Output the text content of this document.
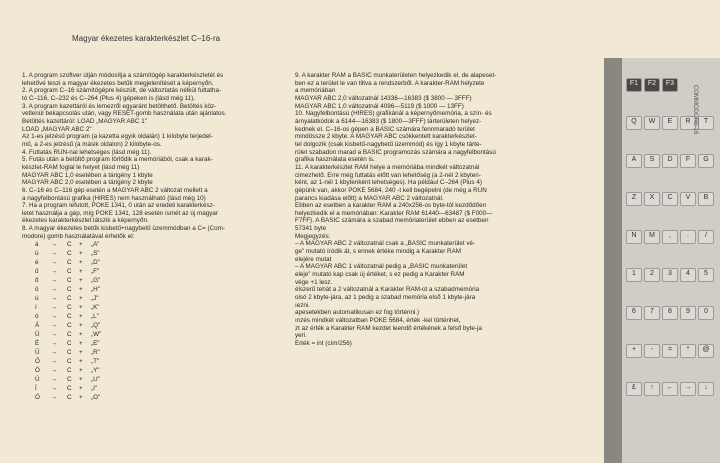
Magyar ékezetes karakterkészlet C–16-ra
1. A program szoftver útján módosítja a számítógép karakterkészletét és
lehetővé teszi a magyar ékezetes betűk megjelenítését a képernyőn.
2. A program C–16 számítógépre készült, de változtatás nélkül futtatha-
tó C–116, C–232 és C–264 (Plus 4) gépeken is (lásd még 11).
3. A program kazettáról és lemezről egyaránt betölthető. Betöltés köz-
vetlenül bekapcsolás után, vagy RESET-gomb használata után ajánlatos.
Betöltés kazettáról: LOAD „MAGYAR ABC 1"
LOAD „MAGYAR ABC 2"
Az 1-es jelzésű program (a kazetta egyik oldalán) 1 kilobyte terjedel-
mű, a 2-es jelzésű (a másik oldalon) 2 kilobyte-os.
4. Futtatás RUN-nal lehetséges (lásd még 11).
5. Futás után a betöltő program törlődik a memóriából, csak a karak-
készlet-RAM foglal le helyet (lásd még 11)
MAGYAR ABC 1,0 esetében a tárigény 1 kbyte
MAGYAR ABC 2,0 esetében a tárigény 2 kbyte
6. C–16 és C–116 gép esetén a MAGYAR ABC 2 változat mellett a
a nagyfelbontású grafika (HIRES) nem használható (lásd még 10)
7. Ha a program lefutott, POKE 1341, 0 után az eredeti karakterkész-
letet használja a gép, míg POKE 1341, 128 esetén ismét az új magyar
ékezetes karakterkészlet látszik a képernyőn.
8. A magyar ékezetes betűk kisbetű+nagybetű üzemmódban a C= (Com-
modore) gomb használatával érhetők el:
á → C + „A"
ü → C + „S"
é → C + „D"
ű → C + „F"
ő → C + „G"
ö → C + „H"
ú → C + „J"
í → C + „K"
ó → C + „L"
Á → C + „Q"
Ü → C + „W"
É → C + „E"
Ű → C + „R"
Ő → C + „T"
Ö → C + „Y"
Ú → C + „U"
Í → C + „I"
Ó → C + „O"
9. A karakter RAM a BASIC munkaterületen helyezkedik el, de alapeset-
ben ez a terület le van tiltva a rendszerből. A karakter-RAM helyzete
a memóriában
MAGYAR ABC 2,0 változatnál 14336—16383 ($ 3800 — 3FFF)
MAGYAR ABC 1,0 változatnál 4096—5119 ($ 1000 — 13FF)
10. Nagyfelbontású (HIRES) grafikánál a képernyőmemória, a szín- és
árnyalatkódok a 6144—16383 ($ 1800—3FFF) tárterületen helyez-
kednek el. C–16-os gépen a BASIC számára fennmaradó terület
mindössze 2 kbyte. A MAGYAR ABC csökkentett karakterkészlet-
tel dolgozik (csak kisbetű-nagybetű üzemmód) és így 1 kbyte tárte-
rület szabadon marad a BASIC programozás számára a nagyfelbontású
grafika használata esetén is.
11. A karakterkészlet RAM helye a memóriába mindkét változatnál
cimezhető. Erre még futtatás előtt van lehetőség (a 2-nél 2 kbyten-
ként, az 1-nél 1 kbytenként lehetséges). Ha például C–264 (Plus 4)
gépünk van, akkor POKE 5684, 240 -t kell begépelni (de még a RUN
parancs kiadása előtt) a MAGYAR ABC 2 változatnál.
Ebben az esetben a karakter RAM a 240x256-os byte-tól kezdődően
helyezkedik el a memóriában: Karakter RAM 61440—63487 ($ F000—
F7FF). A BASIC számára a szabad memóriaterület ebben az esetben
57341 byte
Megjegyzés:
– A MAGYAR ABC 2 változatnál csak a „BASIC munkaterület vé-
ge" mutató íródik át, s ennek értéke mindig a Karakter RAM
elejére mutat
– A MAGYAR ABC 1 változatnál pedig a „BASIC munkaterület
eleje" mutató kap csak új értéket, s ez pedig a Karakter RAM
vége +1 lesz.
élszerű tehát a 2 változatnál a Karakter RAM-ot a szabadmemória
olsó 2 kbyte-jára, az 1 pedig a szabad memória első 1 kbyte-jára
ıezni.
apesetekben automatikusan ez fog történni.)
ınzés mindkét változatban POKE 5684, érték -kel történhet,
zt az érték a Karakter RAM kezdet leendő értékének a felső byte-ja
yeri.
Érték = int (cím/256)
F1	F2	F3
Q	W	E	R	T
A	S	D	F	G
Z	X	C	V	B
N	M	,	.	/
1	2	3	4	5
6	7	8	9	0
+	-	=	*	@
£	↑	←	→	↓
COMMODORE 16
